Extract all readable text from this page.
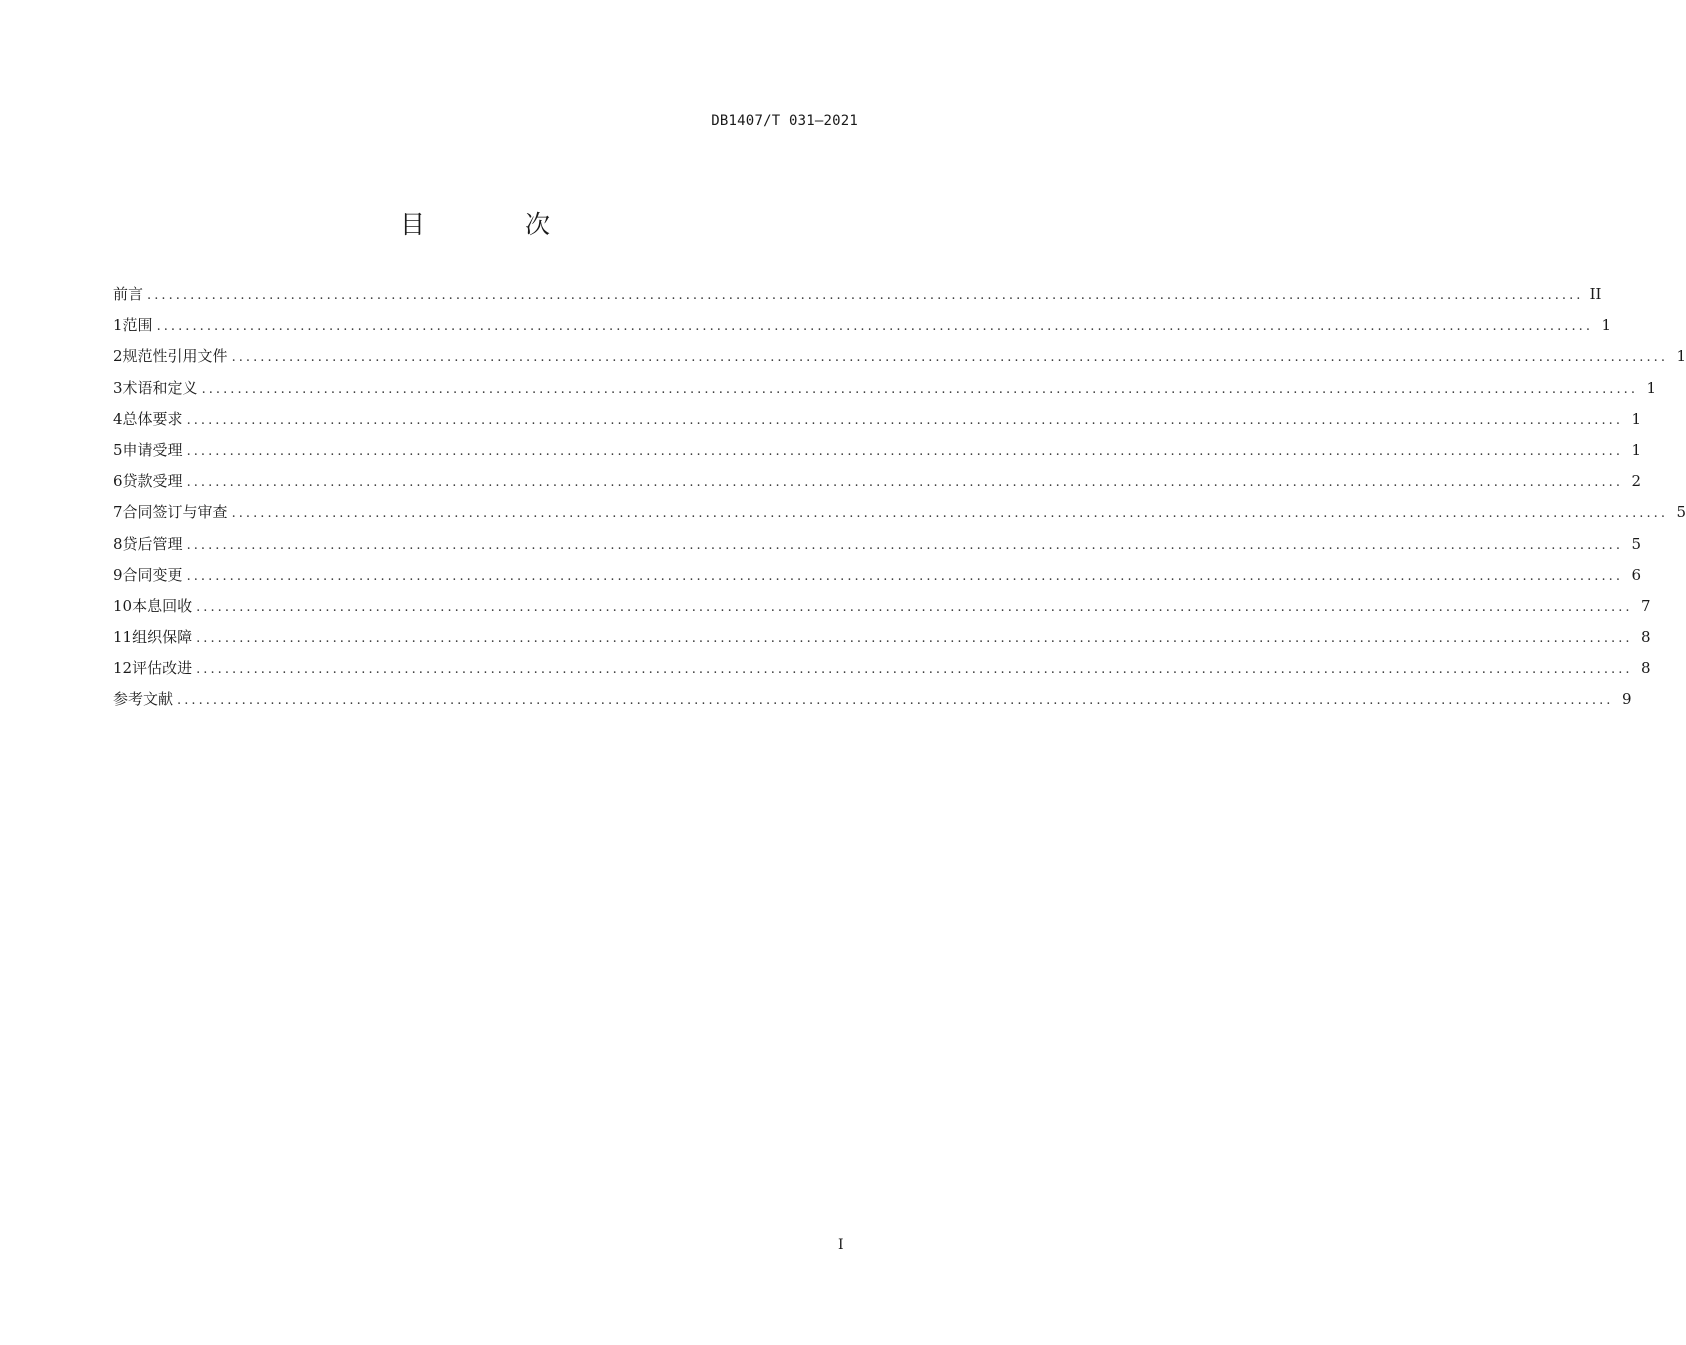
DB1407/T 031—2021
目 次
前言 ........................................................................................................................................................................................................ II
1 范围 ........................................................................................................................................................................................................ 1
2 规范性引用文件 ........................................................................................................................................................................................................ 1
3 术语和定义 ........................................................................................................................................................................................................ 1
4 总体要求 ........................................................................................................................................................................................................ 1
5 申请受理 ........................................................................................................................................................................................................ 1
6 贷款受理 ........................................................................................................................................................................................................ 2
7 合同签订与审查 ........................................................................................................................................................................................................ 5
8 贷后管理 ........................................................................................................................................................................................................ 5
9 合同变更 ........................................................................................................................................................................................................ 6
10 本息回收 ........................................................................................................................................................................................................ 7
11 组织保障 ........................................................................................................................................................................................................ 8
12 评估改进 ........................................................................................................................................................................................................ 8
参考文献 ........................................................................................................................................................................................................ 9
I
